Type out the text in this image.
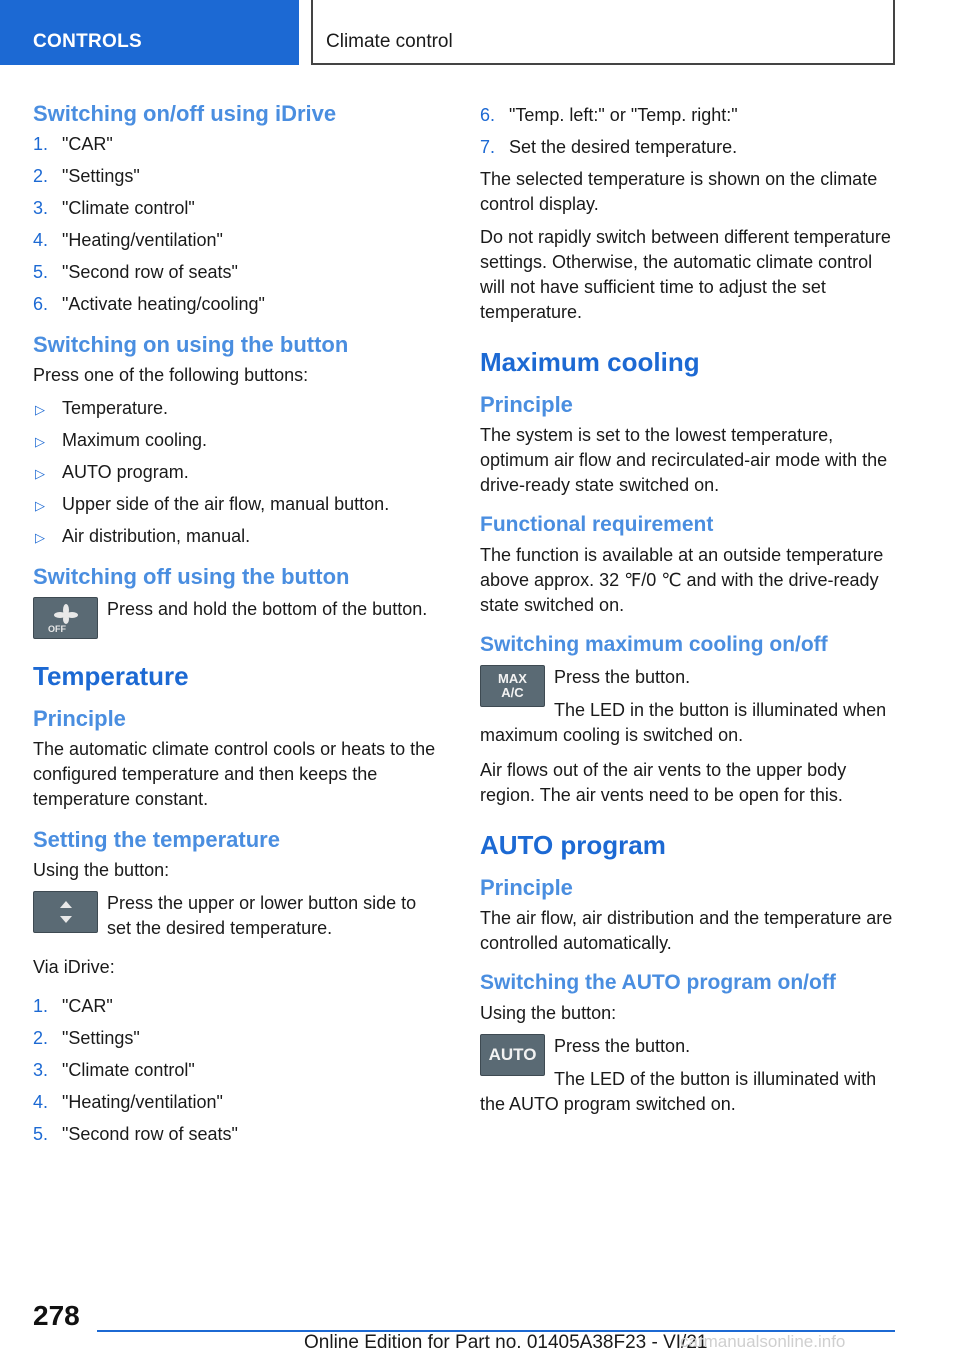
CONTROLS	Climate control
Switching on/off using iDrive
1. "CAR"
2. "Settings"
3. "Climate control"
4. "Heating/ventilation"
5. "Second row of seats"
6. "Activate heating/cooling"
Switching on using the button

Press one of the following buttons:

▷ Temperature.
▷ Maximum cooling.
▷ AUTO program.
▷ Upper side of the air flow, manual button.
▷ Air distribution, manual.
Switching off using the button
OFF

Press and hold the bottom of the button.

Temperature
Principle

The automatic climate control cools or heats to the configured temperature and then keeps the temperature constant.

Setting the temperature

Using the button:

Press the upper or lower button side to set the desired temperature.

Via iDrive:

1. "CAR"
2. "Settings"
3. "Climate control"
4. "Heating/ventilation"
5. "Second row of seats"
6. "Temp. left:" or "Temp. right:"
7. Set the desired temperature.

The selected temperature is shown on the climate control display.

Do not rapidly switch between different temperature settings. Otherwise, the automatic climate control will not have sufficient time to adjust the set temperature.

Maximum cooling
Principle

The system is set to the lowest temperature, optimum air flow and recirculated-air mode with the drive-ready state switched on.

Functional requirement

The function is available at an outside temperature above approx. 32 ℉/0 ℃ and with the drive-ready state switched on.

Switching maximum cooling on/off
MAX
A/C

Press the button.

The LED in the button is illuminated when maximum cooling is switched on.

Air flows out of the air vents to the upper body region. The air vents need to be open for this.

AUTO program
Principle

The air flow, air distribution and the temperature are controlled automatically.

Switching the AUTO program on/off

Using the button:

AUTO Press the button.

The LED of the button is illuminated with the AUTO program switched on.

278
Online Edition for Part no. 01405A38F23 - VI/21
carmanualsonline.info
